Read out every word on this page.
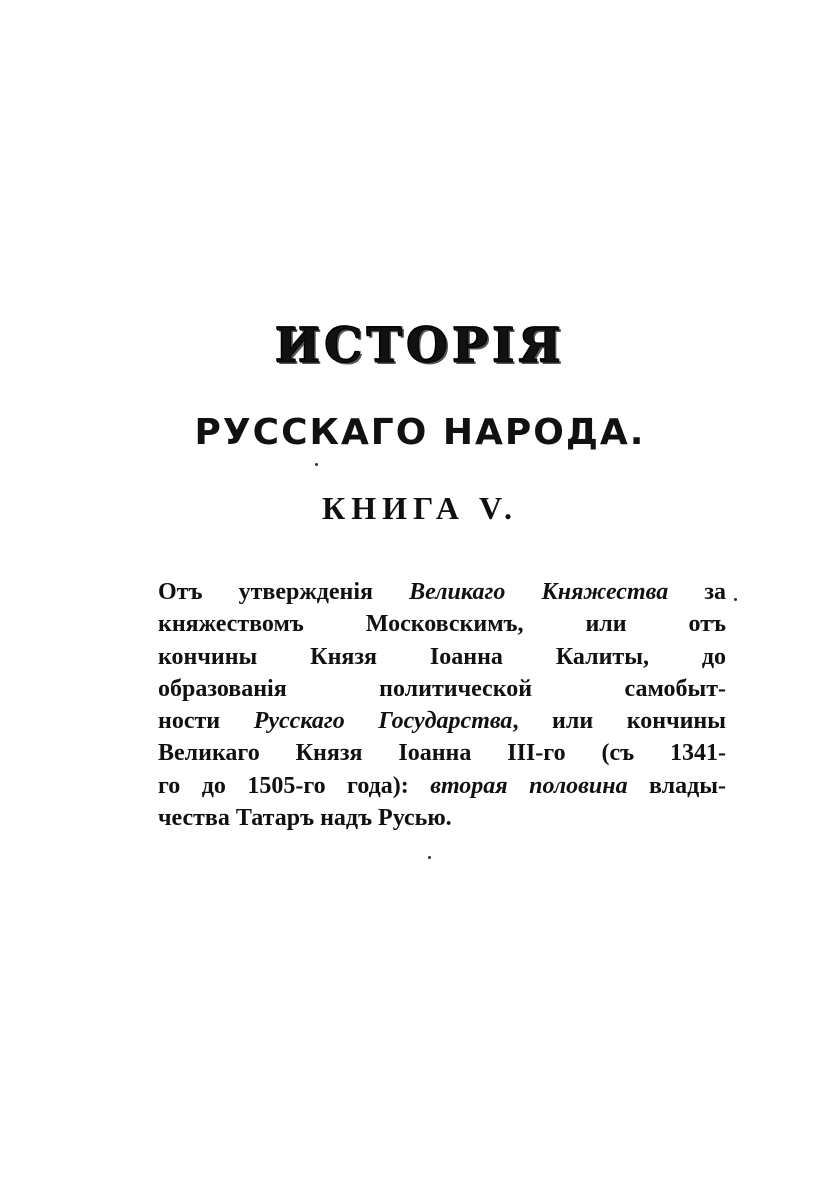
ИСТОРІЯ
РУССКАГО НАРОДА.
КНИГА V.
Отъ утвержденія Великаго Княжества за
княжествомъ Московскимъ, или отъ
кончины Князя Іоанна Калиты, до
образованія политической самобыт-
ности Русскаго Государства, или кончины
Великаго Князя Іоанна III-го (съ 1341-
го до 1505-го года): вторая половина влады-
чества Татаръ надъ Русью.
